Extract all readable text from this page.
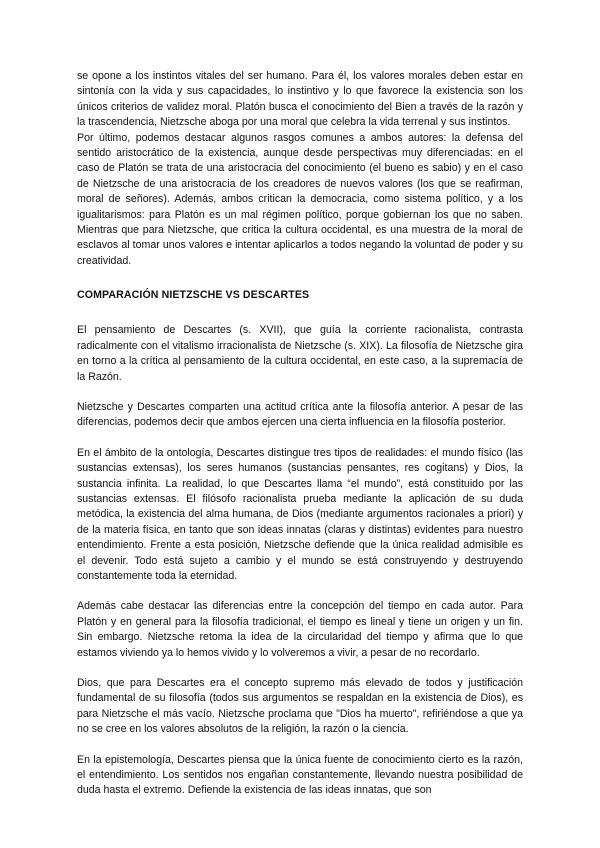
se opone a los instintos vitales del ser humano. Para él, los valores morales deben estar en sintonía con la vida y sus capacidades, lo instintivo y lo que favorece la existencia son los únicos criterios de validez moral. Platón busca el conocimiento del Bien a través de la razón y la trascendencia, Nietzsche aboga por una moral que celebra la vida terrenal y sus instintos.

Por último, podemos destacar algunos rasgos comunes a ambos autores: la defensa del sentido aristocrático de la existencia, aunque desde perspectivas muy diferenciadas: en el caso de Platón se trata de una aristocracia del conocimiento (el bueno es sabio) y en el caso de Nietzsche de una aristocracia de los creadores de nuevos valores (los que se reafirman, moral de señores). Además, ambos critican la democracia, como sistema político, y a los igualitarismos: para Platón es un mal régimen político, porque gobiernan los que no saben. Mientras que para Nietzsche, que critica la cultura occidental, es una muestra de la moral de esclavos al tomar unos valores e intentar aplicarlos a todos negando la voluntad de poder y su creatividad.

COMPARACIÓN NIETZSCHE VS DESCARTES

El pensamiento de Descartes (s. XVII), que guía la corriente racionalista, contrasta radicalmente con el vitalismo irracionalista de Nietzsche (s. XIX). La filosofía de Nietzsche gira en torno a la crítica al pensamiento de la cultura occidental, en este caso, a la supremacía de la Razón.

Nietzsche y Descartes comparten una actitud crítica ante la filosofía anterior. A pesar de las diferencias, podemos decir que ambos ejercen una cierta influencia en la filosofía posterior.

En el ámbito de la ontología, Descartes distingue tres tipos de realidades: el mundo físico (las sustancias extensas), los seres humanos (sustancias pensantes, res cogitans) y Dios, la sustancia infinita. La realidad, lo que Descartes llama “el mundo”, está constituido por las sustancias extensas. El filósofo racionalista prueba mediante la aplicación de su duda metódica, la existencia del alma humana, de Dios (mediante argumentos racionales a priori) y de la materia física, en tanto que son ideas innatas (claras y distintas) evidentes para nuestro entendimiento. Frente a esta posición, Nietzsche defiende que la única realidad admisible es el devenir. Todo está sujeto a cambio y el mundo se está construyendo y destruyendo constantemente toda la eternidad.

Además cabe destacar las diferencias entre la concepción del tiempo en cada autor. Para Platón y en general para la filosofía tradicional, el tiempo es lineal y tiene un origen y un fin. Sin embargo. Nietzsche retoma la idea de la circularidad del tiempo y afirma que lo que estamos viviendo ya lo hemos vivido y lo volveremos a vivir, a pesar de no recordarlo.

Dios, que para Descartes era el concepto supremo más elevado de todos y justificación fundamental de su filosofía (todos sus argumentos se respaldan en la existencia de Dios), es para Nietzsche el más vacío. Nietzsche proclama que "Dios ha muerto", refiriéndose a que ya no se cree en los valores absolutos de la religión, la razón o la ciencia.

En la epistemología, Descartes piensa que la única fuente de conocimiento cierto es la razón, el entendimiento. Los sentidos nos engañan constantemente, llevando nuestra posibilidad de duda hasta el extremo. Defiende la existencia de las ideas innatas, que son
